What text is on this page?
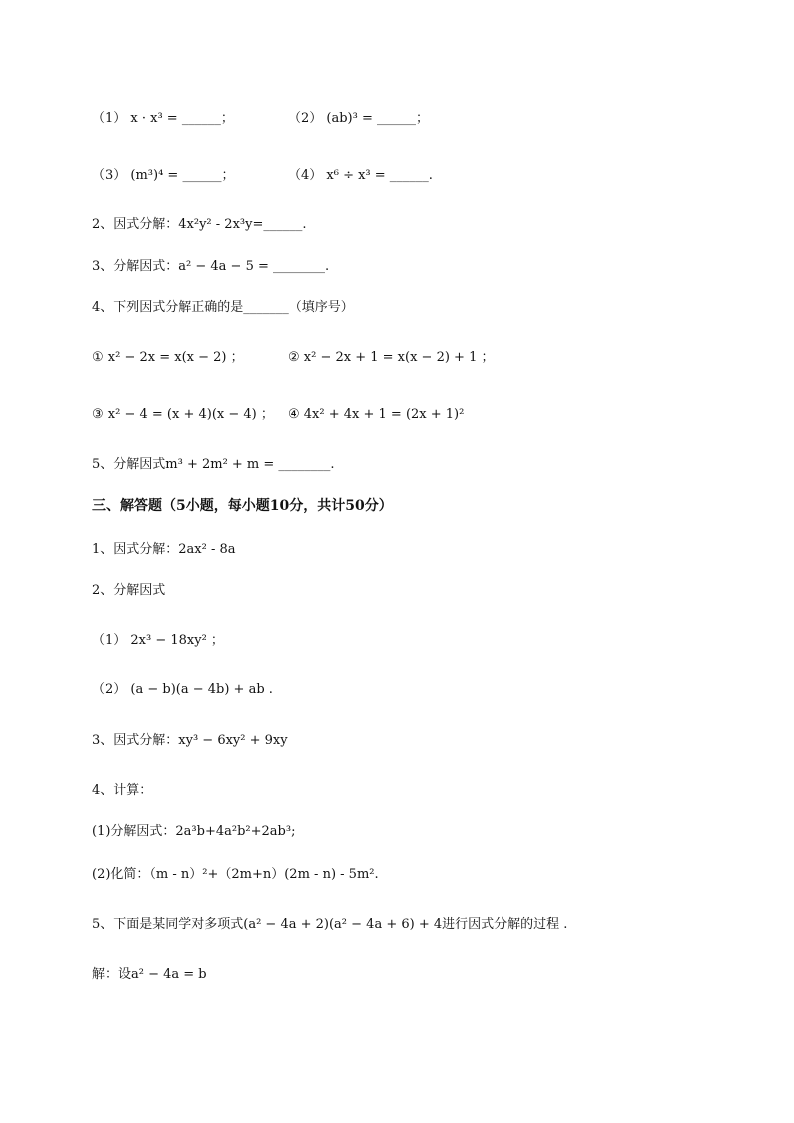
（1） x · x³ = ______；	（2） (ab)³ = ______；
（3） (m³)⁴ = ______；	（4） x⁶ ÷ x³ = ______.
2、因式分解：4x²y² - 2x³y=______.
3、分解因式：a² − 4a − 5 = ________.
4、下列因式分解正确的是_______（填序号）
① x² − 2x = x(x − 2) ；	② x² − 2x + 1 = x(x − 2) + 1 ；
③ x² − 4 = (x + 4)(x − 4) ； ④ 4x² + 4x + 1 = (2x + 1)²
5、分解因式m³ + 2m² + m = ________.
三、解答题（5小题，每小题10分，共计50分）
1、因式分解：2ax² - 8a
2、分解因式
（1） 2x³ − 18xy² ；
（2） (a − b)(a − 4b) + ab .
3、因式分解：xy³ − 6xy² + 9xy
4、计算：
(1)分解因式：2a³b+4a²b²+2ab³;
(2)化简：（m - n）²+（2m+n）(2m - n) - 5m².
5、下面是某同学对多项式(a² − 4a + 2)(a² − 4a + 6) + 4进行因式分解的过程 .
解：设a² − 4a = b
